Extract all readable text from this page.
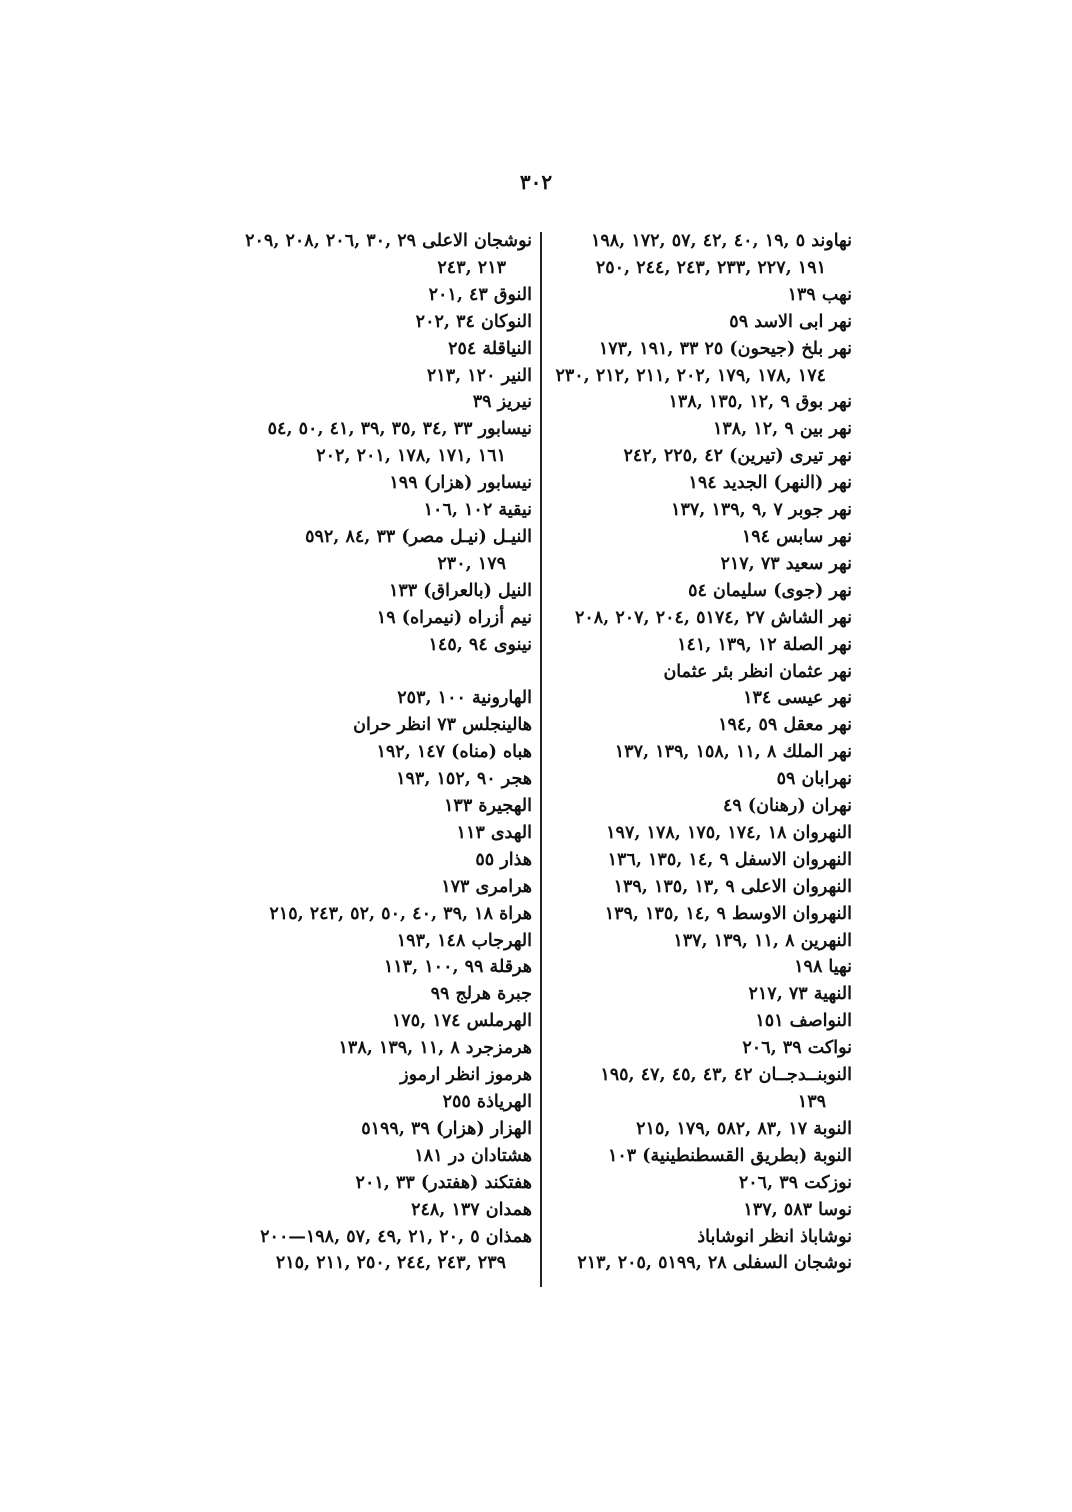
۳۰۲
نهاوند ٥ ,١٩ ,٤٠ ,٤٢ ,٥٧ ,١٧٢ ,١٩٨
١٩١ ,٢٢٧ ,٢٣٣ ,٢٤٣ ,٢٤٤ ,٢٥٠
نهب ١٣٩
نهر ابى الاسد ٥٩
نهر بلخ (جيحون) ٢٥ ٣٣ ,١٩١ ,١٧٣
١٧٤ ,١٧٨ ,١٧٩ ,٢٠٢ ,٢١١ ,٢١٢ ,٢٣٠
نهر بوق ٩ ,١٢ ,١٣٥ ,١٣٨
نهر بين ٩ ,١٢ ,١٣٨
نهر تيرى (تيرين) ٤٢ ,٢٢٥ ,٢٤٢
نهر (النهر) الجديد ١٩٤
نهر جوبر ٧ ,٩ ,١٣٩ ,١٣٧
نهر سابس ١٩٤
نهر سعيد ٧٣ ,٢١٧
نهر (جوى) سليمان ٥٤
نهر الشاش ٢٧ ,٥١٧٤ ,٢٠٤ ,٢٠٧ ,٢٠٨
نهر الصلة ١٢ ,١٣٩ ,١٤١
نهر عثمان انظر بئر عثمان
نهر عيسى ١٣٤
نهر معقل ٥٩ ,١٩٤
نهر الملك ٨ ,١١ ,١٥٨ ,١٣٩ ,١٣٧
نهرابان ٥٩
نهران (رهنان) ٤٩
النهروان ١٨ ,١٧٤ ,١٧٥ ,١٧٨ ,١٩٧
النهروان الاسفل ٩ ,١٤ ,١٣٥ ,١٣٦
النهروان الاعلى ٩ ,١٣ ,١٣٥ ,١٣٩
النهروان الاوسط ٩ ,١٤ ,١٣٥ ,١٣٩
النهرين ٨ ,١١ ,١٣٩ ,١٣٧
نهيا ١٩٨
النهية ٧٣ ,٢١٧
النواصف ١٥١
نواكت ٣٩ ,٢٠٦
النوبنــدجــان ٤٢ ,٤٣ ,٤٥ ,٤٧ ,١٩٥
١٣٩
النوبة ١٧ ,٨٣ ,٥٨٢ ,١٧٩ ,٢١٥
النوبة (بطريق القسطنطينية) ١٠٣
نوزكت ٣٩ ,٢٠٦
نوسا ٥٨٣ ,١٣٧
نوشاباذ انظر انوشاباذ
نوشجان السفلى ٢٨ ,٥١٩٩ ,٢٠٥ ,٢١٣
نوشجان الاعلى ٢٩ ,٣٠ ,٢٠٦ ,٢٠٨ ,٢٠٩
٢١٣ ,٢٤٣
النوق ٤٣ ,٢٠١
النوكان ٣٤ ,٢٠٢
النياقلة ٢٥٤
النير ١٢٠ ,٢١٣
نيريز ٣٩
نيسابور ٣٣ ,٣٤ ,٣٥ ,٣٩ ,٤١ ,٥٠ ,٥٤
١٦١ ,١٧١ ,١٧٨ ,٢٠١ ,٢٠٢
نيسابور (هزار) ١٩٩
نيقية ١٠٢ ,١٠٦
النيـل (نيـل مصر) ٣٣ ,٨٤ ,٥٩٢
١٧٩ ,٢٣٠
النيل (بالعراق) ١٣٣
نيم أزراه (نيمراه) ١٩
نينوى ٩٤ ,١٤٥
الهارونية ١٠٠ ,٢٥٣
هالينجلس ٧٣ انظر حران
هباه (مناه) ١٤٧ ,١٩٢
هجر ٩٠ ,١٥٢ ,١٩٣
الهجيرة ١٣٣
الهدى ١١٣
هذار ٥٥
هرامرى ١٧٣
هراة ١٨ ,٣٩ ,٤٠ ,٥٠ ,٥٢ ,٢٤٣ ,٢١٥
الهرجاب ١٤٨ ,١٩٣
هرقلة ٩٩ ,١٠٠ ,١١٣
جبرة هرلج ٩٩
الهرملس ١٧٤ ,١٧٥
هرمزجرد ٨ ,١١ ,١٣٩ ,١٣٨
هرموز انظر ارموز
الهرياذة ٢٥٥
الهزار (هزار) ٣٩ ,٥١٩٩
هشتادان در ١٨١
هفتكند (هفتدر) ٣٣ ,٢٠١
همدان ١٣٧ ,٢٤٨
همذان ٥ ,٢٠ ,٢١ ,٤٩ ,٥٧ ,١٩٨—٢٠٠
٢٣٩ ,٢٤٣ ,٢٤٤ ,٢٥٠ ,٢١١ ,٢١٥
